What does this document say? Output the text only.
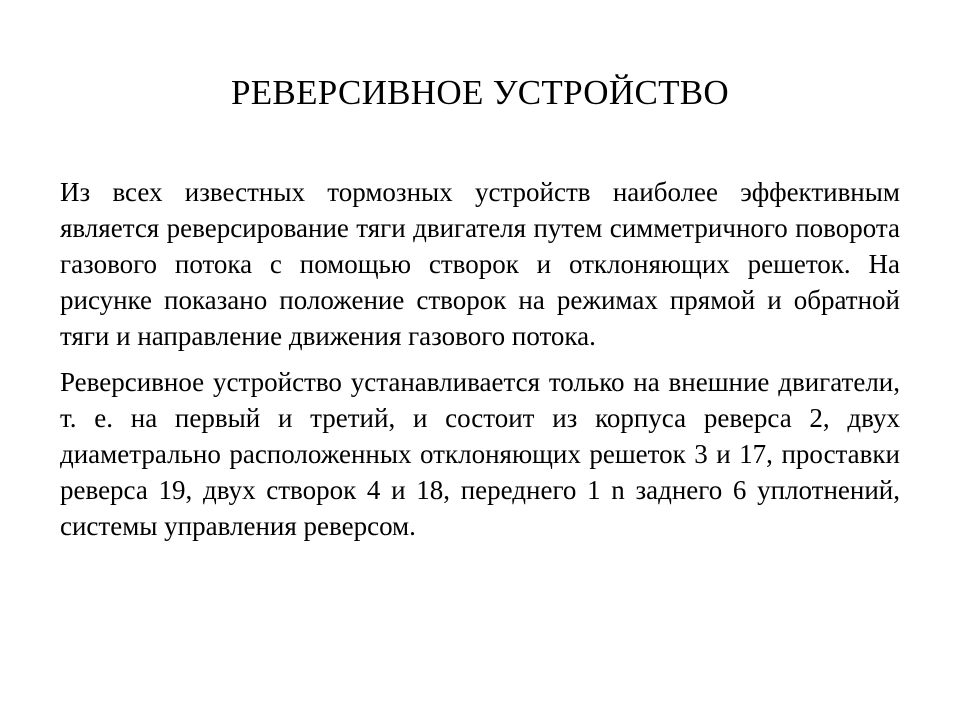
РЕВЕРСИВНОЕ УСТРОЙСТВО

Из всех известных тормозных устройств наиболее эффективным является реверсирование тяги двигателя путем симметричного поворота газового потока с помощью створок и отклоняющих решеток. На рисунке показано положение створок на режимах прямой и обратной тяги и направление движения газового потока.

Реверсивное устройство устанавливается только на внешние двигатели, т. е. на первый и третий, и состоит из корпуса реверса 2, двух диаметрально расположенных отклоняющих решеток 3 и 17, проставки реверса 19, двух створок 4 и 18, переднего 1 n заднего 6 уплотнений, системы управления реверсом.
